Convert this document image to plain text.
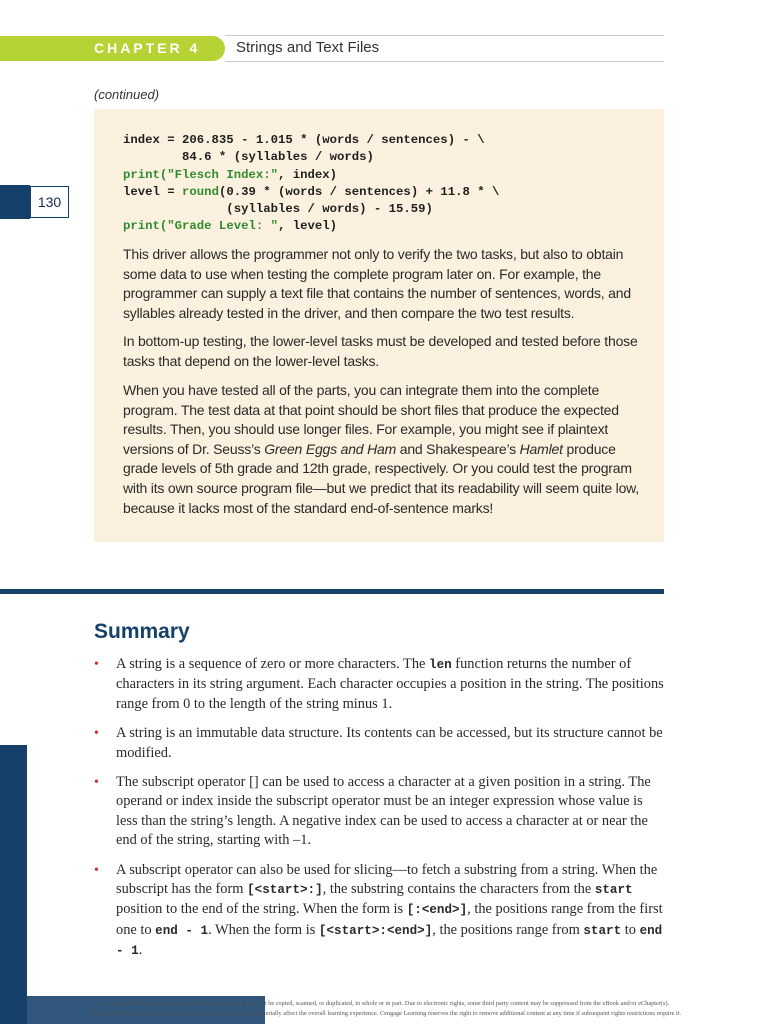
CHAPTER 4 Strings and Text Files
(continued)
130
index = 206.835 - 1.015 * (words / sentences) - \
84.6 * (syllables / words)
print("Flesch Index:", index)
level = round(0.39 * (words / sentences) + 11.8 * \
(syllables / words) - 15.59)
print("Grade Level: ", level)

This driver allows the programmer not only to verify the two tasks, but also to obtain some data to use when testing the complete program later on. For example, the programmer can supply a text file that contains the number of sentences, words, and syllables already tested in the driver, and then compare the two test results.

In bottom-up testing, the lower-level tasks must be developed and tested before those tasks that depend on the lower-level tasks.

When you have tested all of the parts, you can integrate them into the complete program. The test data at that point should be short files that produce the expected results. Then, you should use longer files. For example, you might see if plaintext versions of Dr. Seuss’s Green Eggs and Ham and Shakespeare’s Hamlet produce grade levels of 5th grade and 12th grade, respectively. Or you could test the program with its own source program file—but we predict that its readability will seem quite low, because it lacks most of the standard end-of-sentence marks!

Summary
• A string is a sequence of zero or more characters. The len function returns the number of characters in its string argument. Each character occupies a position in the string. The positions range from 0 to the length of the string minus 1.
• A string is an immutable data structure. Its contents can be accessed, but its structure cannot be modified.
• The subscript operator [] can be used to access a character at a given position in a string. The operand or index inside the subscript operator must be an integer expression whose value is less than the string’s length. A negative index can be used to access a character at or near the end of the string, starting with –1.
• A subscript operator can also be used for slicing—to fetch a substring from a string. When the subscript has the form [<start>:], the substring contains the characters from the start position to the end of the string. When the form is [:<end>], the positions range from the first one to end - 1. When the form is [<start>:<end>], the positions range from start to end - 1.
Copyright 2019 Cengage Learning. All Rights Reserved. May not be copied, scanned, or duplicated, in whole or in part. Due to electronic rights, some third party content may be suppressed from the eBook and/or eChapter(s).
Editorial review has deemed that any suppressed content does not materially affect the overall learning experience. Cengage Learning reserves the right to remove additional content at any time if subsequent rights restrictions require it.
